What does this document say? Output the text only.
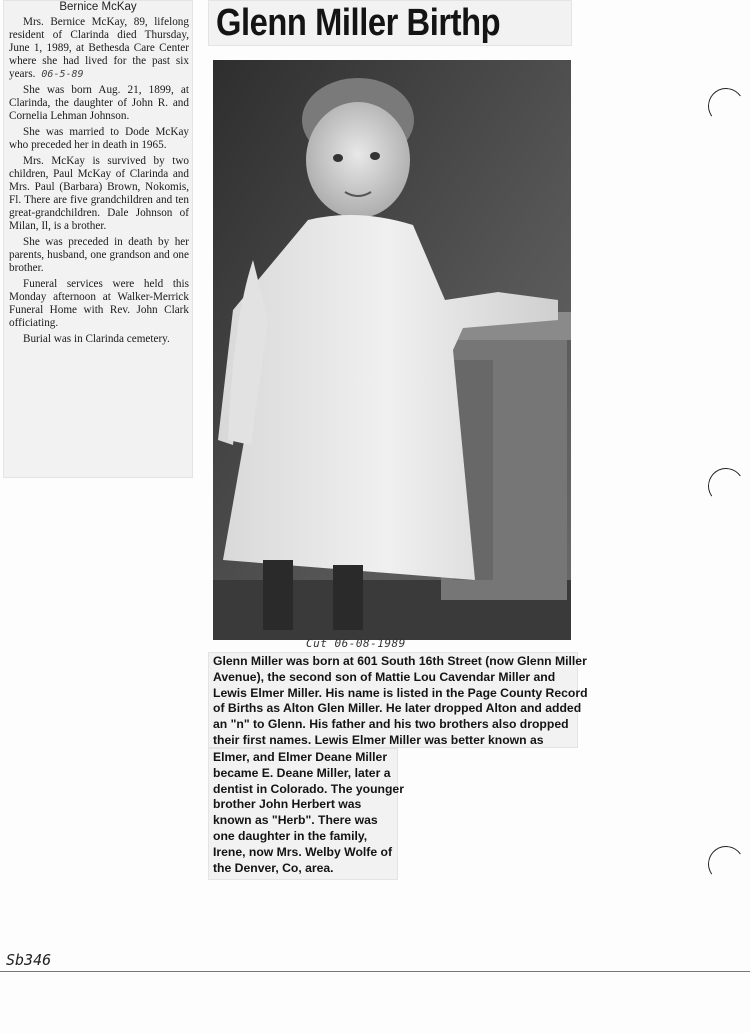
Bernice McKay

Mrs. Bernice McKay, 89, lifelong resident of Clarinda died Thursday, June 1, 1989, at Bethesda Care Center where she had lived for the past six years. 06-5-89

She was born Aug. 21, 1899, at Clarinda, the daughter of John R. and Cornelia Lehman Johnson.

She was married to Dode McKay who preceded her in death in 1965.

Mrs. McKay is survived by two children, Paul McKay of Clarinda and Mrs. Paul (Barbara) Brown, Nokomis, Fl. There are five grandchildren and ten great-grandchildren. Dale Johnson of Milan, Il, is a brother.

She was preceded in death by her parents, husband, one grandson and one brother.

Funeral services were held this Monday afternoon at Walker-Merrick Funeral Home with Rev. John Clark officiating.

Burial was in Clarinda cemetery.

Glenn Miller Birthp
Cut 06-08-1989
Glenn Miller was born at 601 South 16th Street (now Glenn Miller
Avenue), the second son of Mattie Lou Cavendar Miller and
Lewis Elmer Miller. His name is listed in the Page County Record
of Births as Alton Glen Miller. He later dropped Alton and added
an "n" to Glenn. His father and his two brothers also dropped
their first names. Lewis Elmer Miller was better known as
Elmer, and Elmer Deane Miller
became E. Deane Miller, later a
dentist in Colorado. The younger
brother John Herbert was
known as "Herb". There was
one daughter in the family,
Irene, now Mrs. Welby Wolfe of
the Denver, Co, area.
Sb346
